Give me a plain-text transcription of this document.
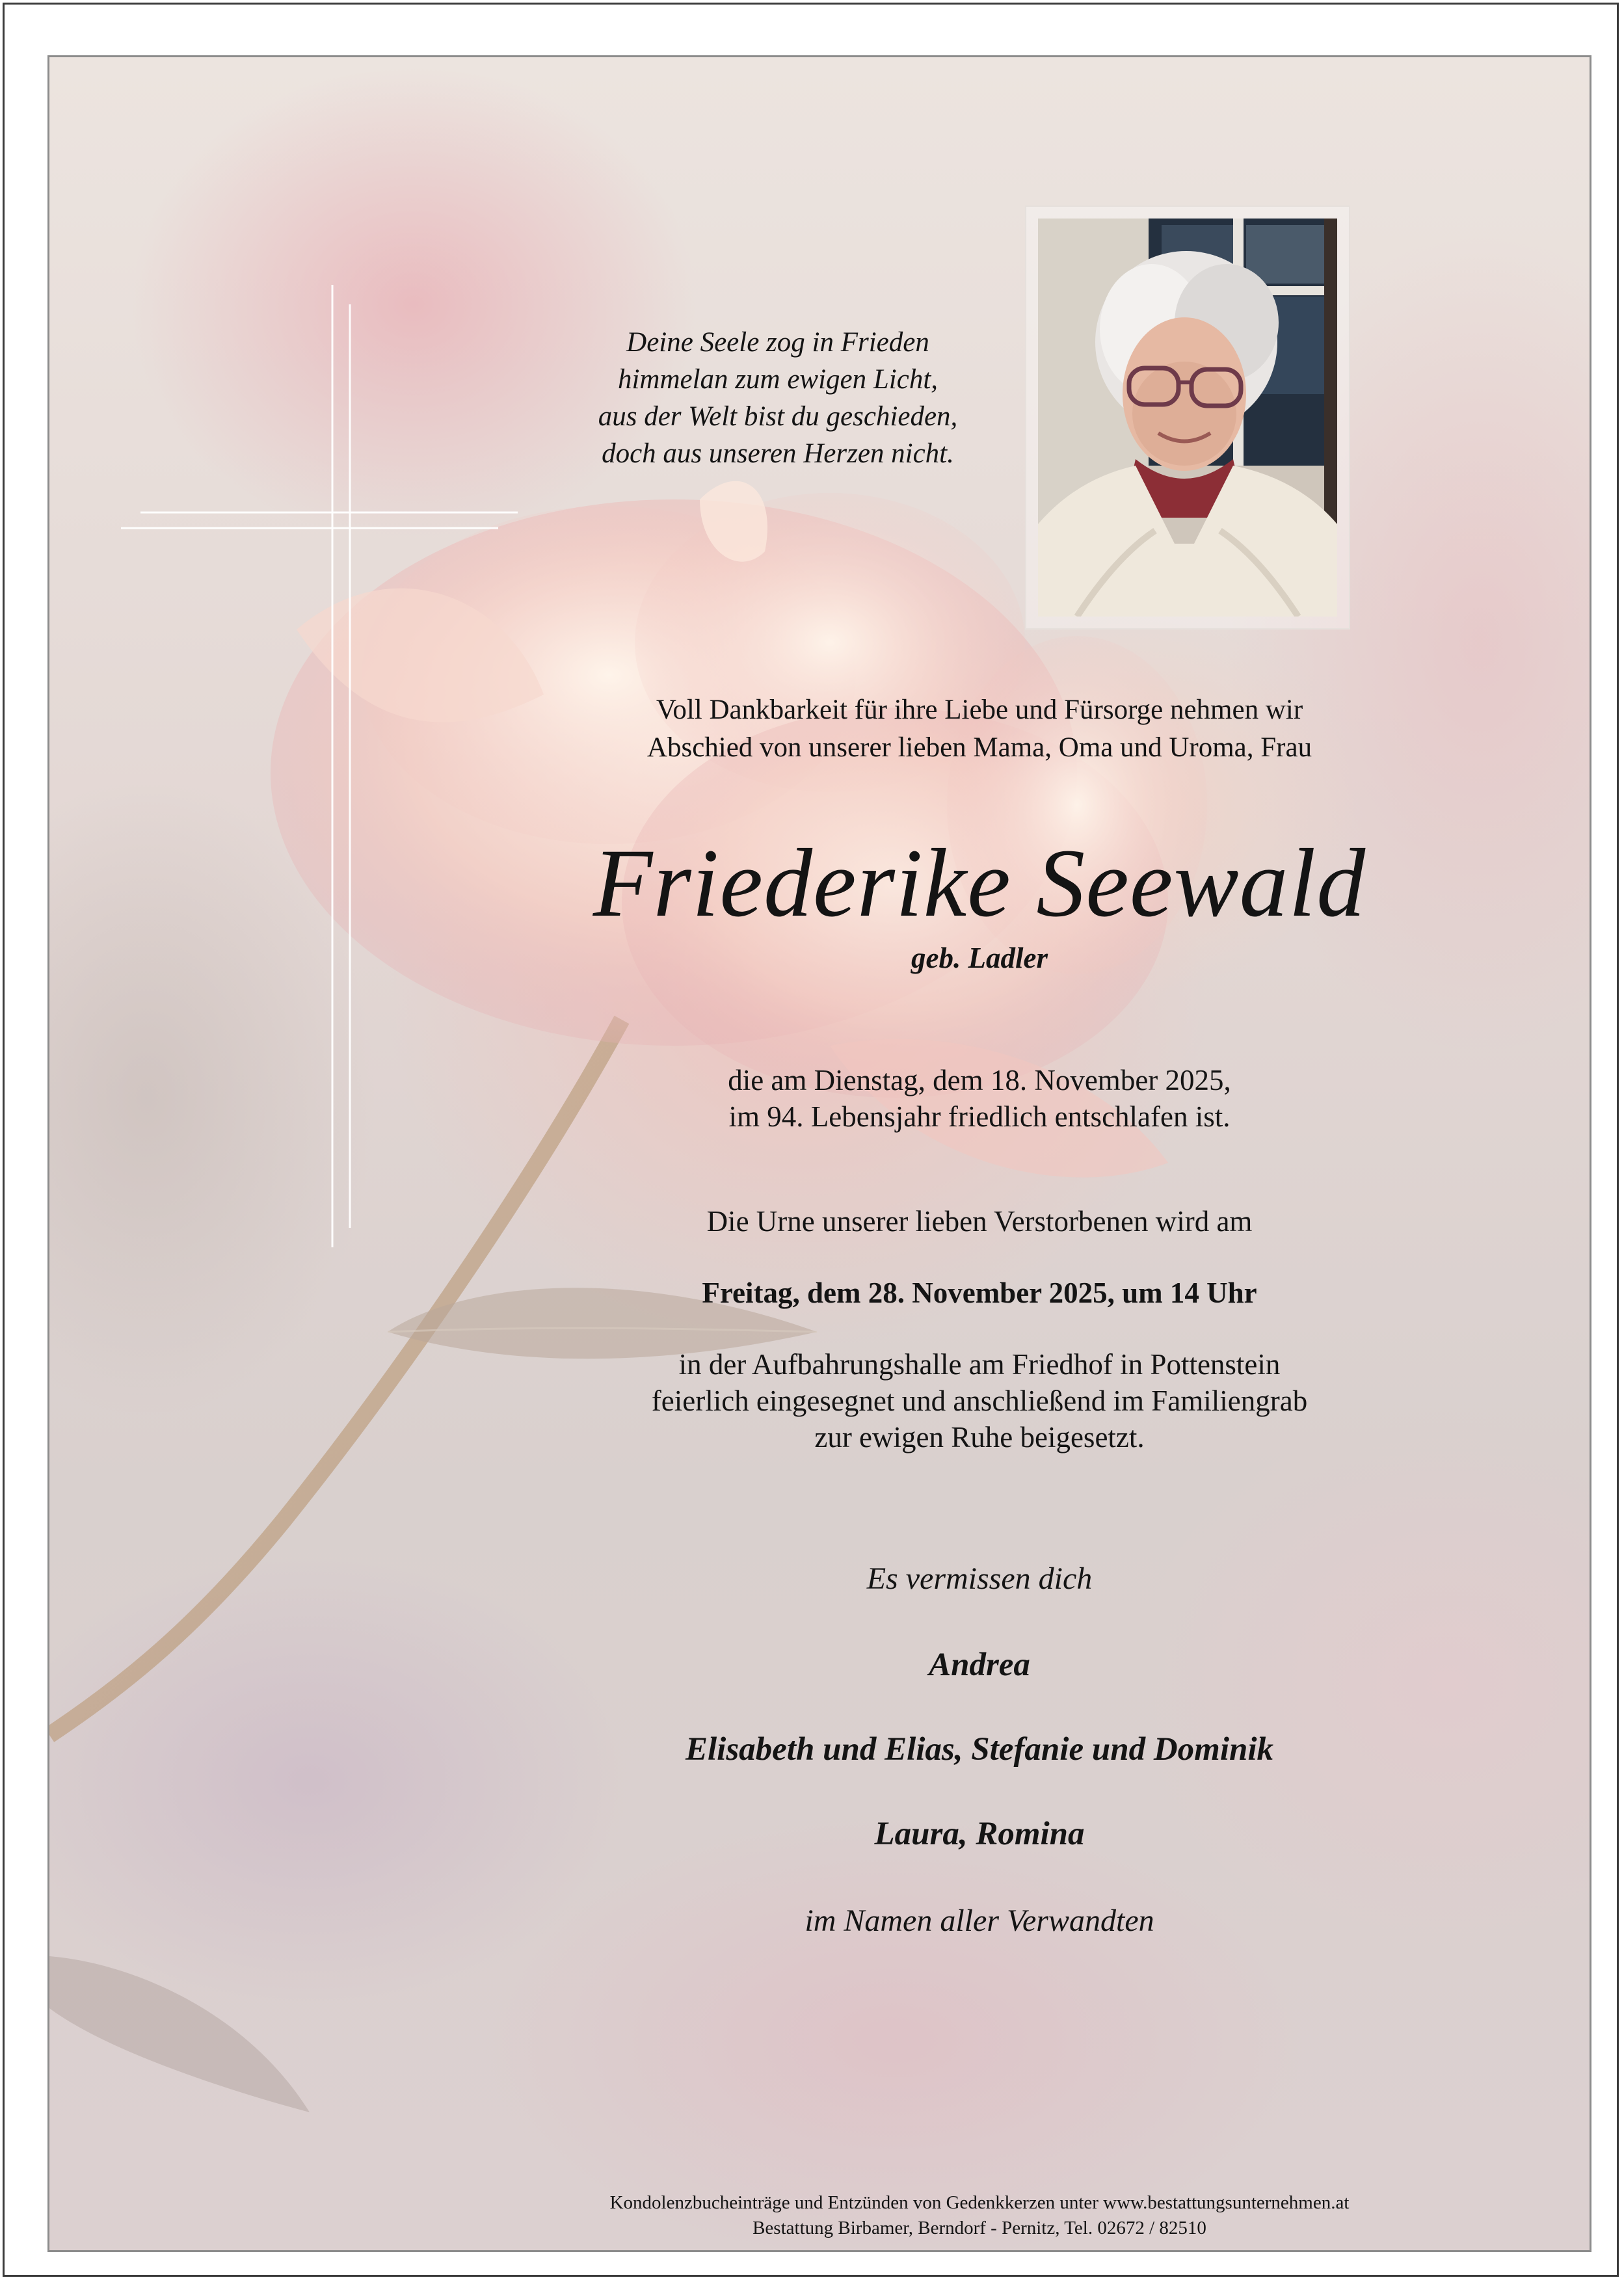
Deine Seele zog in Frieden
himmelan zum ewigen Licht,
aus der Welt bist du geschieden,
doch aus unseren Herzen nicht.
Voll Dankbarkeit für ihre Liebe und Fürsorge nehmen wir
Abschied von unserer lieben Mama, Oma und Uroma, Frau
Friederike Seewald
geb. Ladler
die am Dienstag, dem 18. November 2025,
im 94. Lebensjahr friedlich entschlafen ist.
Die Urne unserer lieben Verstorbenen wird am
Freitag, dem 28. November 2025, um 14 Uhr
in der Aufbahrungshalle am Friedhof in Pottenstein
feierlich eingesegnet und anschließend im Familiengrab
zur ewigen Ruhe beigesetzt.
Es vermissen dich
Andrea
Elisabeth und Elias, Stefanie und Dominik
Laura, Romina
im Namen aller Verwandten
Kondolenzbucheinträge und Entzünden von Gedenkkerzen unter www.bestattungsunternehmen.at
Bestattung Birbamer, Berndorf - Pernitz, Tel. 02672 / 82510
